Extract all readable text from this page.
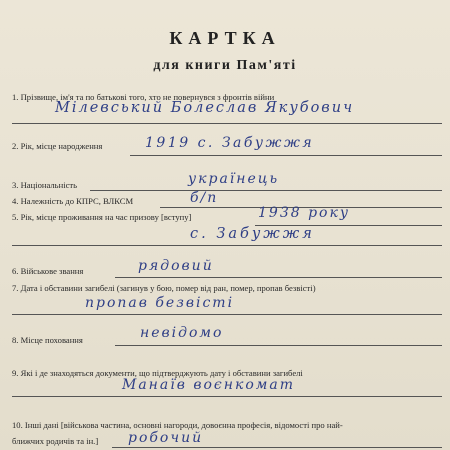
КАРТКА
для книги Пам'яті
1. Прізвище, ім'я та по батькові того, хто не повернувся з фронтів війни
Мілевський Болеслав Якубович
2. Рік, місце народження	1919 с. Забужжя
3. Національність	українець
4. Належність до КПРС, ВЛКСМ	б/п
5. Рік, місце проживання на час призову [вступу]	1938 року
с. Забужжя
6. Військове звання	рядовий
7. Дата і обставини загибелі (загинув у бою, помер від ран, помер, пропав безвісті)
пропав безвісті
8. Місце поховання	невідомо
9. Які і де знаходяться документи, що підтверджують дату і обставини загибелі
Манаїв воєнкомат
10. Інші дані [військова частина, основні нагороди, довоєнна професія, відомості про най-
ближчих родичів та ін.] робочий
